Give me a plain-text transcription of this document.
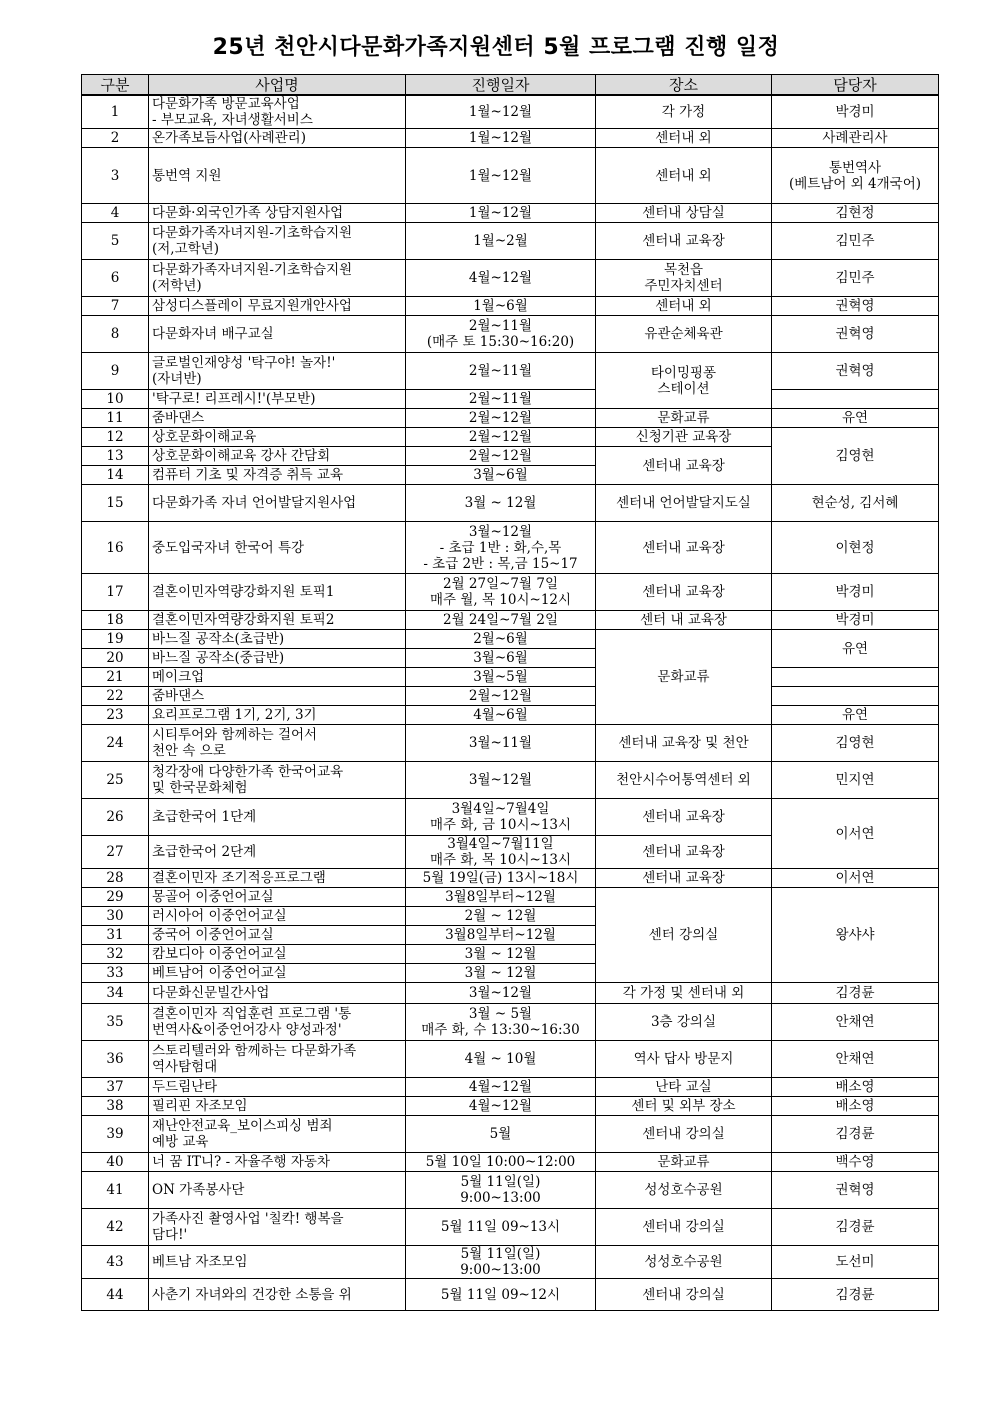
25년 천안시다문화가족지원센터 5월 프로그램 진행 일정
구분	사업명	진행일자	장소	담당자
1	다문화가족 방문교육사업
- 부모교육, 자녀생활서비스	1월~12월	각 가정	박경미

2	온가족보듬사업(사례관리)	1월~12월	센터내 외	사례관리사

3	통번역 지원	1월~12월	센터내 외	통번역사
(베트남어 외 4개국어)

4	다문화·외국인가족 상담지원사업	1월~12월	센터내 상담실	김현정

5	다문화가족자녀지원-기초학습지원
(저,고학년)	1월~2월	센터내 교육장	김민주

6	다문화가족자녀지원-기초학습지원
(저학년)	4월~12월	목천읍
주민자치센터	김민주

7	삼성디스플레이 무료지원개안사업	1월~6월	센터내 외	권혁영

8	다문화자녀 배구교실	2월~11월
(매주 토 15:30~16:20)	유관순체육관	권혁영

9	글로벌인재양성 '탁구야! 놀자!'
(자녀반)	2월~11월	타이밍핑퐁
스테이션	권혁영

10	'탁구로! 리프레시!'(부모반)	2월~11월		

11	줌바댄스	2월~12월	문화교류	유연

12	상호문화이해교육	2월~12월	신청기관 교육장	김영현

13	상호문화이해교육 강사 간담회	2월~12월	센터내 교육장	

14	컴퓨터 기초 및 자격증 취득 교육	3월~6월		

15	다문화가족 자녀 언어발달지원사업	3월 ~ 12월	센터내 언어발달지도실	현순성, 김서혜

16	중도입국자녀 한국어 특강	3월~12월
- 초급 1반 : 화,수,목
- 초급 2반 : 목,금 15~17	센터내 교육장	이현정

17	결혼이민자역량강화지원 토픽1	2월 27일~7월 7일
매주 월, 목 10시~12시	센터내 교육장	박경미

18	결혼이민자역량강화지원 토픽2	2월 24일~7월 2일	센터 내 교육장	박경미

19	바느질 공작소(초급반)	2월~6월	문화교류	유연

20	바느질 공작소(중급반)	3월~6월		

21	메이크업	3월~5월		

22	줌바댄스	2월~12월		

23	요리프로그램 1기, 2기, 3기	4월~6월		유연

24	시티투어와 함께하는 걸어서
천안 속 으로	3월~11월	센터내 교육장 및 천안	김영현

25	청각장애 다양한가족 한국어교육
및 한국문화체험	3월~12월	천안시수어통역센터 외	민지연

26	초급한국어 1단계	3월4일~7월4일
매주 화, 금 10시~13시	센터내 교육장	이서연

27	초급한국어 2단계	3월4일~7월11일
매주 화, 목 10시~13시	센터내 교육장	

28	결혼이민자 조기적응프로그램	5월 19일(금) 13시~18시	센터내 교육장	이서연

29	몽골어 이중언어교실	3월8일부터~12월	센터 강의실	왕샤샤

30	러시아어 이중언어교실	2월 ~ 12월		

31	중국어 이중언어교실	3월8일부터~12월		

32	캄보디아 이중언어교실	3월 ~ 12월		

33	베트남어 이중언어교실	3월 ~ 12월		

34	다문화신문빌간사업	3월~12월	각 가정 및 센터내 외	김경륜

35	결혼이민자 직업훈련 프로그램 '통
번역사&이중언어강사 양성과정'	3월 ~ 5월
매주 화, 수 13:30~16:30	3층 강의실	안채연

36	스토리텔러와 함께하는 다문화가족
역사탐험대	4월 ~ 10월	역사 답사 방문지	안채연

37	두드림난타	4월~12월	난타 교실	배소영

38	필리핀 자조모임	4월~12월	센터 및 외부 장소	배소영

39	재난안전교육_보이스피싱 범죄
예방 교육	5월	센터내 강의실	김경륜

40	너 꿈 IT니? - 자율주행 자동차	5월 10일 10:00~12:00	문화교류	백수영

41	ON 가족봉사단	5월 11일(일)
9:00~13:00	성성호수공원	권혁영

42	가족사진 촬영사업 '칠칵! 행복을
담다!'	5월 11일 09~13시	센터내 강의실	김경륜

43	베트남 자조모임	5월 11일(일)
9:00~13:00	성성호수공원	도선미

44	사춘기 자녀와의 건강한 소통을 위	5월 11일 09~12시	센터내 강의실	김경륜
